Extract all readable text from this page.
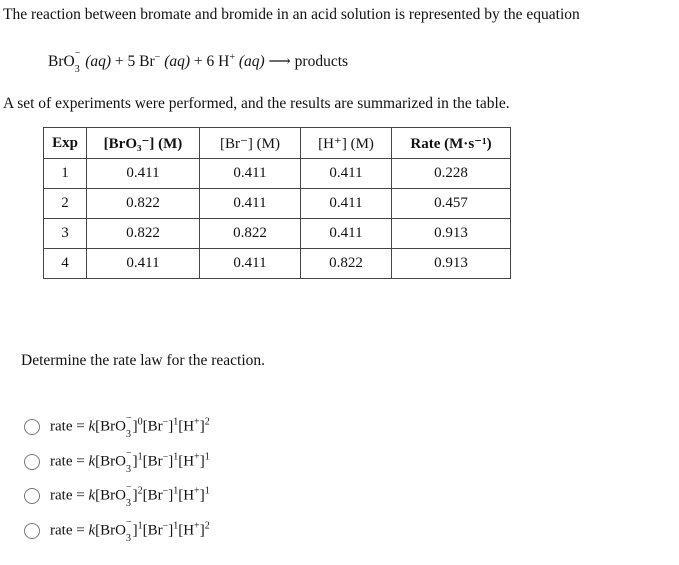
The reaction between bromate and bromide in an acid solution is represented by the equation
BrO −
3 (aq) + 5 Br− (aq) + 6 H+ (aq) ⟶ products
A set of experiments were performed, and the results are summarized in the table.
Exp	[BrO₃⁻] (M)	[Br⁻] (M)	[H⁺] (M)	Rate (M·s⁻¹)
1	0.411	0.411	0.411	0.228
2	0.822	0.411	0.411	0.457
3	0.822	0.822	0.411	0.913
4	0.411	0.411	0.822	0.913
Determine the rate law for the reaction.
rate = k[BrO −
3
]$^0[Br^-]^1[H^+]^2$
rate = k[BrO −
3
]$^1[Br^-]^1[H^+]^1$
rate = k[BrO −
3
]$^2[Br^-]^1[H^+]^1$
rate = k[BrO −
3
]$^1[Br^-]^1[H^+]^2$
